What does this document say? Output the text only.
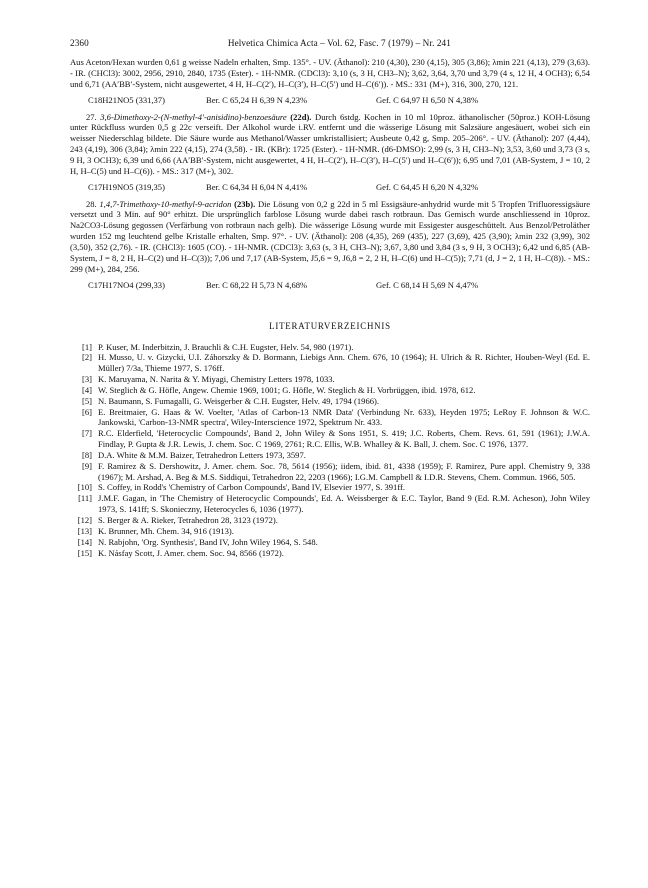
2360	Helvetica Chimica Acta – Vol. 62, Fasc. 7 (1979) – Nr. 241

Aus Aceton/Hexan wurden 0,61 g weisse Nadeln erhalten, Smp. 135°. - UV. (Äthanol): 210 (4,30), 230 (4,15), 305 (3,86); λmin 221 (4,13), 279 (3,63). - IR. (CHCl3): 3002, 2956, 2910, 2840, 1735 (Ester). - 1H-NMR. (CDCl3): 3,10 (s, 3 H, CH3–N); 3,62, 3,64, 3,70 und 3,79 (4 s, 12 H, 4 OCH3); 6,54 und 6,71 (AA′BB′-System, nicht ausgewertet, 4 H, H–C(2′), H–C(3′), H–C(5′) und H–C(6′)). - MS.: 331 (M+), 316, 300, 270, 121.

C18H21NO5 (331,37)	Ber. C 65,24 H 6,39 N 4,23%	Gef. C 64,97 H 6,50 N 4,38%

27. 3,6-Dimethoxy-2-(N-methyl-4′-anisidino)-benzoesäure (22d). Durch 6stdg. Kochen in 10 ml 10proz. äthanolischer (50proz.) KOH-Lösung unter Rückfluss wurden 0,5 g 22c verseift. Der Alkohol wurde i.RV. entfernt und die wässerige Lösung mit Salzsäure angesäuert, wobei sich ein weisser Niederschlag bildete. Die Säure wurde aus Methanol/Wasser umkristallisiert; Ausbeute 0,42 g, Smp. 205–206°. - UV. (Äthanol): 207 (4,44), 243 (4,19), 306 (3,84); λmin 222 (4,15), 274 (3,58). - IR. (KBr): 1725 (Ester). - 1H-NMR. (d6-DMSO): 2,99 (s, 3 H, CH3–N); 3,53, 3,60 und 3,73 (3 s, 9 H, 3 OCH3); 6,39 und 6,66 (AA′BB′-System, nicht ausgewertet, 4 H, H–C(2′), H–C(3′), H–C(5′) und H–C(6′)); 6,95 und 7,01 (AB-System, J = 10, 2 H, H–C(5) und H–C(6)). - MS.: 317 (M+), 302.

C17H19NO5 (319,35)	Ber. C 64,34 H 6,04 N 4,41%	Gef. C 64,45 H 6,20 N 4,32%

28. 1,4,7-Trimethoxy-10-methyl-9-acridon (23b). Die Lösung von 0,2 g 22d in 5 ml Essigsäure-anhydrid wurde mit 5 Tropfen Trifluoressigsäure versetzt und 3 Min. auf 90° erhitzt. Die ursprünglich farblose Lösung wurde dabei rasch rotbraun. Das Gemisch wurde anschliessend in 10proz. Na2CO3-Lösung gegossen (Verfärbung von rotbraun nach gelb). Die wässerige Lösung wurde mit Essigester ausgeschüttelt. Aus Benzol/Petroläther wurden 152 mg leuchtend gelbe Kristalle erhalten, Smp. 97°. - UV. (Äthanol): 208 (4,35), 269 (435), 227 (3,69), 425 (3,90); λmin 232 (3,99), 302 (3,50), 352 (2,76). - IR. (CHCl3): 1605 (CO). - 1H-NMR. (CDCl3): 3,63 (s, 3 H, CH3–N); 3,67, 3,80 und 3,84 (3 s, 9 H, 3 OCH3); 6,42 und 6,85 (AB-System, J = 8, 2 H, H–C(2) und H–C(3)); 7,06 und 7,17 (AB-System, J5,6 = 9, J6,8 = 2, 2 H, H–C(6) und H–C(5)); 7,71 (d, J = 2, 1 H, H–C(8)). - MS.: 299 (M+), 284, 256.

C17H17NO4 (299,33)	Ber. C 68,22 H 5,73 N 4,68%	Gef. C 68,14 H 5,69 N 4,47%
LITERATURVERZEICHNIS
[1] P. Kuser, M. Inderbitzin, J. Brauchli & C.H. Eugster, Helv. 54, 980 (1971).
[2] H. Musso, U. v. Gizycki, U.I. Záhorszky & D. Bormann, Liebigs Ann. Chem. 676, 10 (1964); H. Ulrich & R. Richter, Houben-Weyl (Ed. E. Müller) 7/3a, Thieme 1977, S. 176ff.
[3] K. Maruyama, N. Narita & Y. Miyagi, Chemistry Letters 1978, 1033.
[4] W. Steglich & G. Höfle, Angew. Chemie 1969, 1001; G. Höfle, W. Steglich & H. Vorbrüggen, ibid. 1978, 612.
[5] N. Baumann, S. Fumagalli, G. Weisgerber & C.H. Eugster, Helv. 49, 1794 (1966).
[6] E. Breitmaier, G. Haas & W. Voelter, 'Atlas of Carbon-13 NMR Data' (Verbindung Nr. 633), Heyden 1975; LeRoy F. Johnson & W.C. Jankowski, 'Carbon-13-NMR spectra', Wiley-Interscience 1972, Spektrum Nr. 433.
[7] R.C. Elderfield, 'Heterocyclic Compounds', Band 2, John Wiley & Sons 1951, S. 419; J.C. Roberts, Chem. Revs. 61, 591 (1961); J.W.A. Findlay, P. Gupta & J.R. Lewis, J. chem. Soc. C 1969, 2761; R.C. Ellis, W.B. Whalley & K. Ball, J. chem. Soc. C 1976, 1377.
[8] D.A. White & M.M. Baizer, Tetrahedron Letters 1973, 3597.
[9] F. Ramirez & S. Dershowitz, J. Amer. chem. Soc. 78, 5614 (1956); iidem, ibid. 81, 4338 (1959); F. Ramirez, Pure appl. Chemistry 9, 338 (1967); M. Arshad, A. Beg & M.S. Siddiqui, Tetrahedron 22, 2203 (1966); I.G.M. Campbell & I.D.R. Stevens, Chem. Commun. 1966, 505.
[10] S. Coffey, in Rodd's 'Chemistry of Carbon Compounds', Band IV, Elsevier 1977, S. 391ff.
[11] J.M.F. Gagan, in 'The Chemistry of Heterocyclic Compounds', Ed. A. Weissberger & E.C. Taylor, Band 9 (Ed. R.M. Acheson), John Wiley 1973, S. 141ff; S. Skonieczny, Heterocycles 6, 1036 (1977).
[12] S. Berger & A. Rieker, Tetrahedron 28, 3123 (1972).
[13] K. Brunner, Mh. Chem. 34, 916 (1913).
[14] N. Rabjohn, 'Org. Synthesis', Band IV, John Wiley 1964, S. 548.
[15] K. Násfay Scott, J. Amer. chem. Soc. 94, 8566 (1972).
